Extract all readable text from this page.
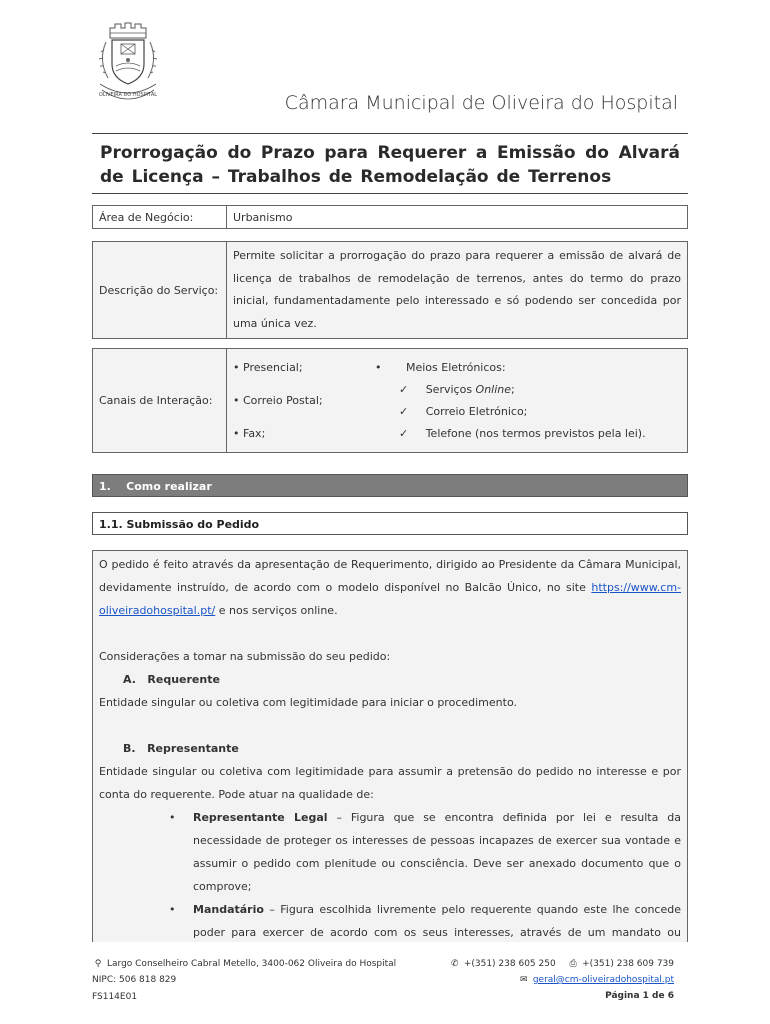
OLIVEIRA DO HOSPITAL	Câmara Municipal de Oliveira do Hospital
Prorrogação do Prazo para Requerer a Emissão do Alvará de Licença – Trabalhos de Remodelação de Terrenos
Área de Negócio:	Urbanismo
Descrição do Serviço:	Permite solicitar a prorrogação do prazo para requerer a emissão de alvará de licença de trabalhos de remodelação de terrenos, antes do termo do prazo inicial, fundamentadamente pelo interessado e só podendo ser concedida por uma única vez.
Canais de Interação:	
• Presencial;
• Correio Postal;
• Fax;
•       Meios Eletrónicos:
✓ Serviços Online;
✓ Correio Eletrónico;
✓ Telefone (nos termos previstos pela lei).
1. Como realizar
1.1. Submissão do Pedido

O pedido é feito através da apresentação de Requerimento, dirigido ao Presidente da Câmara Municipal, devidamente instruído, de acordo com o modelo disponível no Balcão Único, no site https://www.cm-oliveiradohospital.pt/ e nos serviços online.

Considerações a tomar na submissão do seu pedido:

A. Requerente

Entidade singular ou coletiva com legitimidade para iniciar o procedimento.

B. Representante

Entidade singular ou coletiva com legitimidade para assumir a pretensão do pedido no interesse e por conta do requerente. Pode atuar na qualidade de:

•	Representante Legal – Figura que se encontra definida por lei e resulta da necessidade de proteger os interesses de pessoas incapazes de exercer sua vontade e assumir o pedido com plenitude ou consciência. Deve ser anexado documento que o comprove;
•	Mandatário – Figura escolhida livremente pelo requerente quando este lhe concede poder para exercer de acordo com os seus interesses, através de um mandato ou
⚲ Largo Conselheiro Cabral Metello, 3400-062 Oliveira do Hospital
NIPC: 506 818 829
FS114E01
✆ +(351) 238 605 250 ⎙ +(351) 238 609 739
✉ geral@cm-oliveiradohospital.pt
Página 1 de 6
